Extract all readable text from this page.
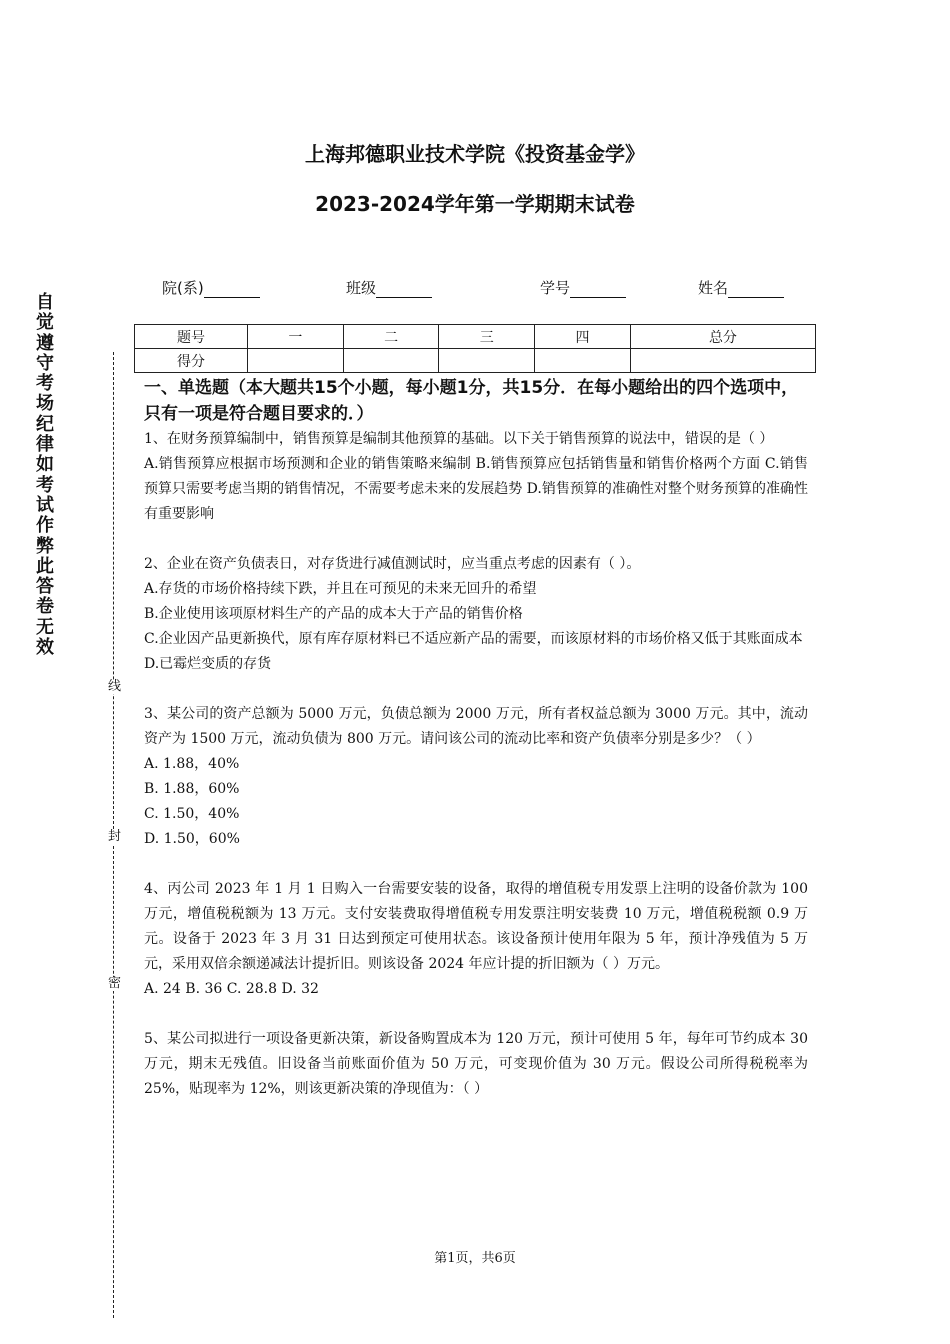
上海邦德职业技术学院《投资基金学》
2023-2024学年第一学期期末试卷
自觉遵守考场纪律如考试作弊此答卷无效
线
封
密
院(系)	班级	学号	姓名
题号	一	二	三	四	总分
得分					
一、单选题（本大题共15个小题，每小题1分，共15分．在每小题给出的四个选项中，只有一项是符合题目要求的．）
1、在财务预算编制中，销售预算是编制其他预算的基础。以下关于销售预算的说法中，错误的是（ ）
A.销售预算应根据市场预测和企业的销售策略来编制 B.销售预算应包括销售量和销售价格两个方面 C.销售预算只需要考虑当期的销售情况，不需要考虑未来的发展趋势 D.销售预算的准确性对整个财务预算的准确性有重要影响
2、企业在资产负债表日，对存货进行减值测试时，应当重点考虑的因素有（ ）。
A.存货的市场价格持续下跌，并且在可预见的未来无回升的希望
B.企业使用该项原材料生产的产品的成本大于产品的销售价格
C.企业因产品更新换代，原有库存原材料已不适应新产品的需要，而该原材料的市场价格又低于其账面成本
D.已霉烂变质的存货
3、某公司的资产总额为 5000 万元，负债总额为 2000 万元，所有者权益总额为 3000 万元。其中，流动资产为 1500 万元，流动负债为 800 万元。请问该公司的流动比率和资产负债率分别是多少？（ ）
A. 1.88，40%
B. 1.88，60%
C. 1.50，40%
D. 1.50，60%
4、丙公司 2023 年 1 月 1 日购入一台需要安装的设备，取得的增值税专用发票上注明的设备价款为 100 万元，增值税税额为 13 万元。支付安装费取得增值税专用发票注明安装费 10 万元，增值税税额 0.9 万元。设备于 2023 年 3 月 31 日达到预定可使用状态。该设备预计使用年限为 5 年，预计净残值为 5 万元，采用双倍余额递减法计提折旧。则该设备 2024 年应计提的折旧额为（ ）万元。
A. 24 B. 36 C. 28.8 D. 32
5、某公司拟进行一项设备更新决策，新设备购置成本为 120 万元，预计可使用 5 年，每年可节约成本 30 万元，期末无残值。旧设备当前账面价值为 50 万元，可变现价值为 30 万元。假设公司所得税税率为 25%，贴现率为 12%，则该更新决策的净现值为：（ ）
第1页，共6页
